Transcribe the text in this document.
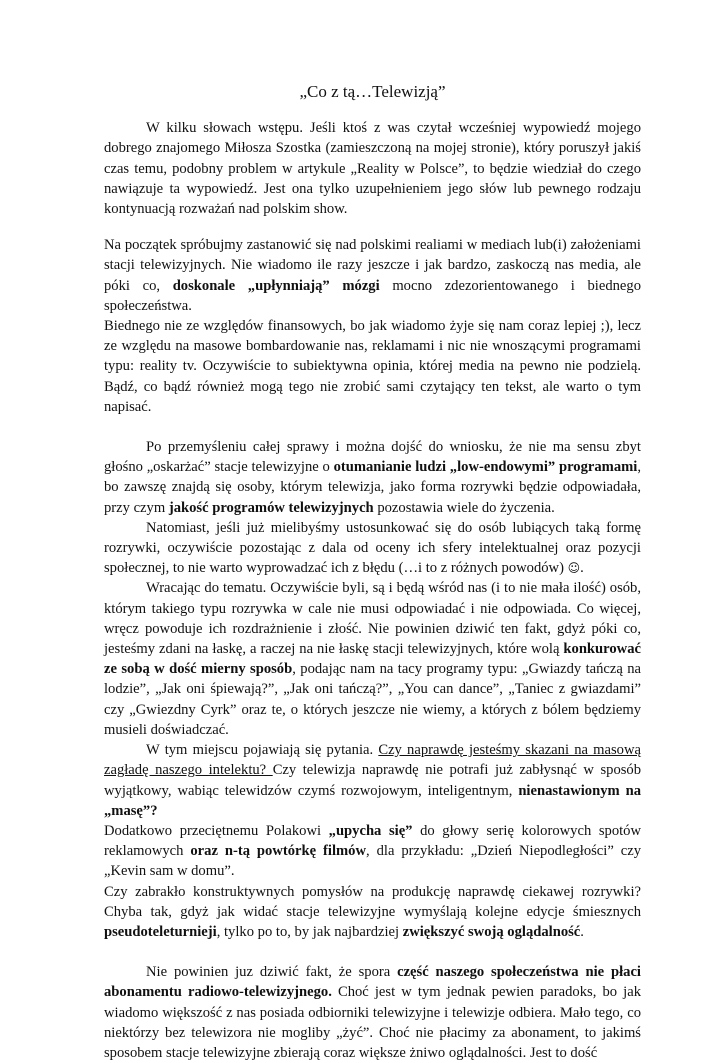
„Co z tą…Telewizją”

W kilku słowach wstępu. Jeśli ktoś z was czytał wcześniej wypowiedź mojego dobrego znajomego Miłosza Szostka (zamieszczoną na mojej stronie), który poruszył jakiś czas temu, podobny problem w artykule „Reality w Polsce”, to będzie wiedział do czego nawiązuje ta wypowiedź. Jest ona tylko uzupełnieniem jego słów lub pewnego rodzaju kontynuacją rozważań nad polskim show.

Na początek spróbujmy zastanowić się nad polskimi realiami w mediach lub(i) założeniami stacji telewizyjnych. Nie wiadomo ile razy jeszcze i jak bardzo, zaskoczą nas media, ale póki co, doskonale „upłynniają” mózgi mocno zdezorientowanego i biednego społeczeństwa.

Biednego nie ze względów finansowych, bo jak wiadomo żyje się nam coraz lepiej ;), lecz ze względu na masowe bombardowanie nas, reklamami i nic nie wnoszącymi programami typu: reality tv. Oczywiście to subiektywna opinia, której media na pewno nie podzielą. Bądź, co bądź również mogą tego nie zrobić sami czytający ten tekst, ale warto o tym napisać.

Po przemyśleniu całej sprawy i można dojść do wniosku, że nie ma sensu zbyt głośno „oskarżać” stacje telewizyjne o otumanianie ludzi „low-endowymi” programami, bo zawszę znajdą się osoby, którym telewizja, jako forma rozrywki będzie odpowiadała, przy czym jakość programów telewizyjnych pozostawia wiele do życzenia.

Natomiast, jeśli już mielibyśmy ustosunkować się do osób lubiących taką formę rozrywki, oczywiście pozostając z dala od oceny ich sfery intelektualnej oraz pozycji społecznej, to nie warto wyprowadzać ich z błędu (…i to z różnych powodów) ☺.

Wracając do tematu. Oczywiście byli, są i będą wśród nas (i to nie mała ilość) osób, którym takiego typu rozrywka w cale nie musi odpowiadać i nie odpowiada. Co więcej, wręcz powoduje ich rozdrażnienie i złość. Nie powinien dziwić ten fakt, gdyż póki co, jesteśmy zdani na łaskę, a raczej na nie łaskę stacji telewizyjnych, które wolą konkurować ze sobą w dość mierny sposób, podając nam na tacy programy typu: „Gwiazdy tańczą na lodzie”, „Jak oni śpiewają?”, „Jak oni tańczą?”, „You can dance”, „Taniec z gwiazdami” czy „Gwiezdny Cyrk” oraz te, o których jeszcze nie wiemy, a których z bólem będziemy musieli doświadczać.

W tym miejscu pojawiają się pytania. Czy naprawdę jesteśmy skazani na masową zagładę naszego intelektu? Czy telewizja naprawdę nie potrafi już zabłysnąć w sposób wyjątkowy, wabiąc telewidzów czymś rozwojowym, inteligentnym, nienastawionym na „masę”?

Dodatkowo przeciętnemu Polakowi „upycha się” do głowy serię kolorowych spotów reklamowych oraz n-tą powtórkę filmów, dla przykładu: „Dzień Niepodległości” czy „Kevin sam w domu”.

Czy zabrakło konstruktywnych pomysłów na produkcję naprawdę ciekawej rozrywki? Chyba tak, gdyż jak widać stacje telewizyjne wymyślają kolejne edycje śmiesznych pseudoteleturnieji, tylko po to, by jak najbardziej zwiększyć swoją oglądalność.

Nie powinien juz dziwić fakt, że spora część naszego społeczeństwa nie płaci abonamentu radiowo-telewizyjnego. Choć jest w tym jednak pewien paradoks, bo jak wiadomo większość z nas posiada odbiorniki telewizyjne i telewizje odbiera. Mało tego, co niektórzy bez telewizora nie mogliby „żyć”. Choć nie płacimy za abonament, to jakimś sposobem stacje telewizyjne zbierają coraz większe żniwo oglądalności. Jest to dość
